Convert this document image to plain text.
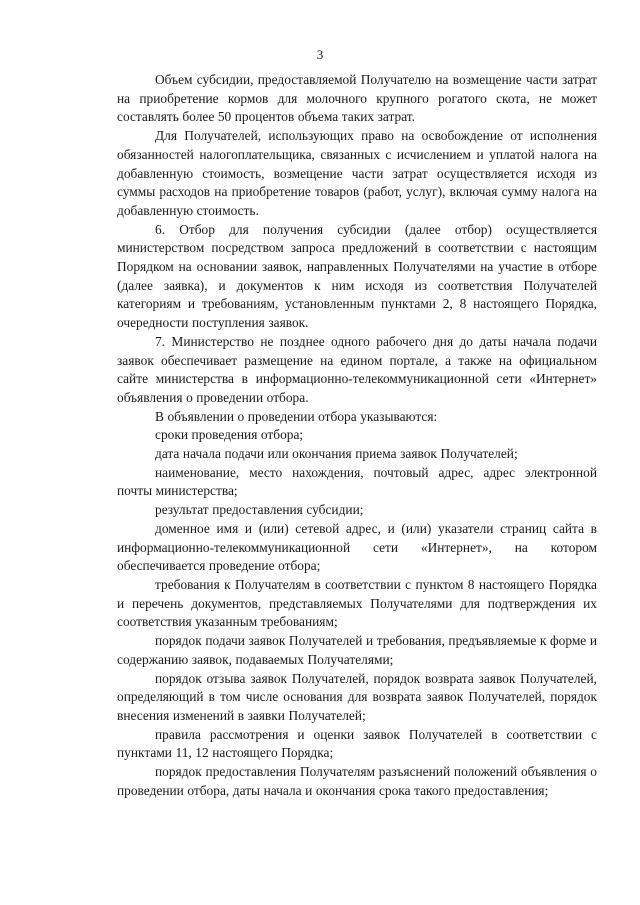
3

Объем субсидии, предоставляемой Получателю на возмещение части затрат на приобретение кормов для молочного крупного рогатого скота, не может составлять более 50 процентов объема таких затрат.

Для Получателей, использующих право на освобождение от исполнения обязанностей налогоплательщика, связанных с исчислением и уплатой налога на добавленную стоимость, возмещение части затрат осуществляется исходя из суммы расходов на приобретение товаров (работ, услуг), включая сумму налога на добавленную стоимость.

6. Отбор для получения субсидии (далее отбор) осуществляется министерством посредством запроса предложений в соответствии с настоящим Порядком на основании заявок, направленных Получателями на участие в отборе (далее заявка), и документов к ним исходя из соответствия Получателей категориям и требованиям, установленным пунктами 2, 8 настоящего Порядка, очередности поступления заявок.

7. Министерство не позднее одного рабочего дня до даты начала подачи заявок обеспечивает размещение на едином портале, а также на официальном сайте министерства в информационно-телекоммуникационной сети «Интернет» объявления о проведении отбора.

В объявлении о проведении отбора указываются:

сроки проведения отбора;

дата начала подачи или окончания приема заявок Получателей;

наименование, место нахождения, почтовый адрес, адрес электронной почты министерства;

результат предоставления субсидии;

доменное имя и (или) сетевой адрес, и (или) указатели страниц сайта в информационно-телекоммуникационной сети «Интернет», на котором обеспечивается проведение отбора;

требования к Получателям в соответствии с пунктом 8 настоящего Порядка и перечень документов, представляемых Получателями для подтверждения их соответствия указанным требованиям;

порядок подачи заявок Получателей и требования, предъявляемые к форме и содержанию заявок, подаваемых Получателями;

порядок отзыва заявок Получателей, порядок возврата заявок Получателей, определяющий в том числе основания для возврата заявок Получателей, порядок внесения изменений в заявки Получателей;

правила рассмотрения и оценки заявок Получателей в соответствии с пунктами 11, 12 настоящего Порядка;

порядок предоставления Получателям разъяснений положений объявления о проведении отбора, даты начала и окончания срока такого предоставления;
